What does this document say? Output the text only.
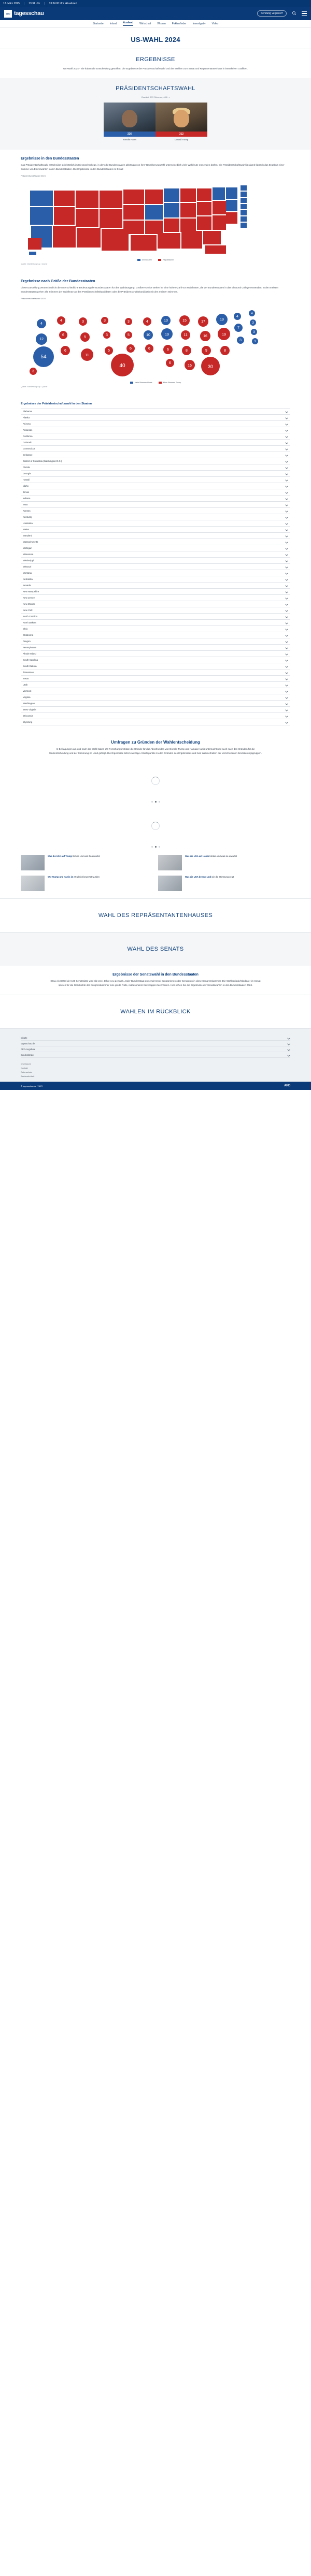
13. März 2025 | 13:34 Uhr | 13:34:00 Uhr aktualisiert
ARD tagesschau	Sendung verpasst?
Startseite Inland Ausland Wirtschaft Wissen Faktenfinder Investigativ Video
US-WAHL 2024
ERGEBNISSE

US-Wahl 2024 - Sie haben die Entscheidung getroffen: Die Ergebnisse der Präsidentschaftswahl und der Wahlen zum Senat und Repräsentantenhaus in interaktiven Grafiken.

PRÄSIDENTSCHAFTSWAHL
Gewählt: 270 Stimmen, 485+ v
226
Kamala Harris
312
Donald Trump
Ergebnisse in den Bundesstaaten

Das Präsidentschaftswahl entscheidet sich letztlich im Electoral College, in dem die Bundesstaaten abhängig von ihrer Bevölkerungszahl unterschiedlich viele Wahlleute entsenden dürfen. Die Präsidentschaftswahl ist damit faktisch das Ergebnis einer Summe von Einzelwahlen in den Bundesstaaten. Die Ergebnisse in den Bundesstaaten im Detail:

Präsidentschaftswahl 2024
Demokraten	Republikaner
Quelle: Wahlleitung / ap / Quelle
Ergebnisse nach Größe der Bundesstaaten

Diese Darstellung veranschaulicht die unterschiedliche Bedeutung der Bundesstaaten für den Wahlausgang. Größere Kreise stehen für eine höhere Zahl von Wahlleuten, die der Bundesstaaten in das Electoral College entsenden. In den meisten Bundesstaaten gehen alle Stimmen der Wahlleute an den Präsidentschaftskandidaten oder die Präsidentschaftskandidatin mit den meisten Stimmen.

Präsidentschaftswahl 2024
4
12
54
4
6
6
3
5
11
3
3
5
40
3
5
6
4
10
6
10
19
6
6
15
11
8
16
17
16
9
30
19
19
8
4
7
3
4
3
3
3
3
Mehr Stimmen Harris	Mehr Stimmen Trump
Quelle: Wahlleitung / ap / Quelle
Ergebnisse der Präsidentschaftswahl in den Staaten
Alabama
Alaska
Arizona
Arkansas
California
Colorado
Connecticut
Delaware
District of Columbia (Washington D.C.)
Florida
Georgia
Hawaii
Idaho
Illinois
Indiana
Iowa
Kansas
Kentucky
Louisiana
Maine
Maryland
Massachusetts
Michigan
Minnesota
Mississippi
Missouri
Montana
Nebraska
Nevada
New Hampshire
New Jersey
New Mexico
New York
North Carolina
North Dakota
Ohio
Oklahoma
Oregon
Pennsylvania
Rhode Island
South Carolina
South Dakota
Tennessee
Texas
Utah
Vermont
Virginia
Washington
West Virginia
Wisconsin
Wyoming
Umfragen zu Gründen der Wahlentscheidung

In Befragungen am und nach der Wahl haben US-Forschungsinstitute die Gründe für das Abschneiden von Donald Trump und Kamala Harris untersucht und auch nach den Gründen für die Wahlentscheidung und der Stimmung im Land gefragt. Die Ergebnisse liefern wichtige Anhaltspunkte zu den Gründen des Ergebnisses und zum Wahlverhalten der verschiedenen Bevölkerungsgruppen.

Was die USA auf Trump blicken und was ihn erwartet	Was die USA auf Harris blicken und was sie erwartet
Wie Trump und Harris im Vergleich bewertet wurden	Was die USA bewegt und wie die Stimmung zeigt
WAHL DES REPRÄSENTANTENHAUSES
WAHL DES SENATS
Ergebnisse der Senatswahl in den Bundesstaaten

Etwa ein Drittel der 100 Senatssitze wird alle zwei Jahre neu gewählt. Jeder Bundesstaat entsendet zwei Senatorinnen oder Senatoren in diese Kongresskammer. Die Wahlperiode/Sitzdauer im Senat spielen für die Geschichte der Kongresskammer eine große Rolle, insbesondere bei knappen Mehrheiten. Hier sehen Sie die Ergebnisse der Senatswahlen in den Bundesstaaten 2024.

WAHLEN IM RÜCKBLICK
Inhalte
tagesschau.de
ARD-Angebote
Bundesländer
Impressum
Kontakt
Datenschutz
Barrierefreiheit
© tagesschau.de / NDR	ARD
